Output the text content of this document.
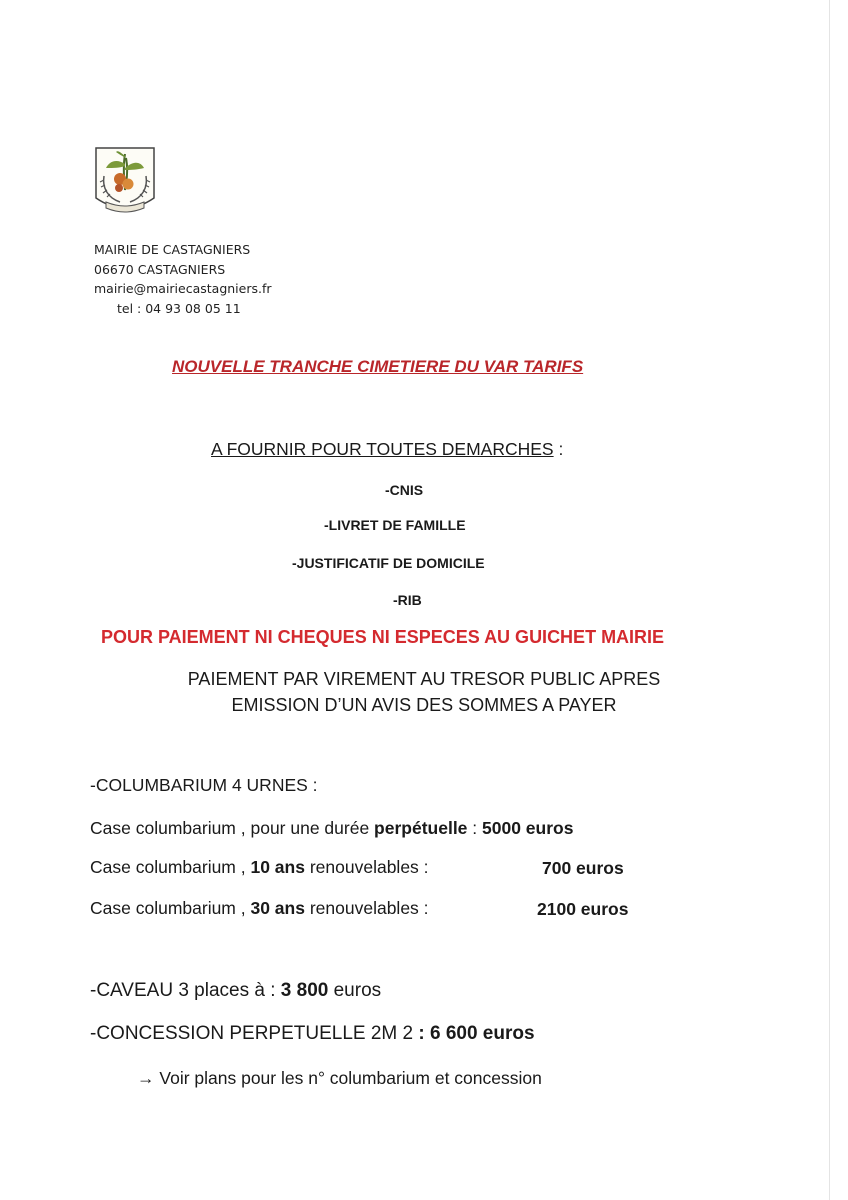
MAIRIE DE CASTAGNIERS
06670 CASTAGNIERS
mairie@mairiecastagniers.fr
tel : 04 93 08 05 11
NOUVELLE TRANCHE CIMETIERE DU VAR TARIFS
A FOURNIR POUR TOUTES DEMARCHES :
-CNIS
-LIVRET DE FAMILLE
-JUSTIFICATIF DE DOMICILE
-RIB
POUR PAIEMENT NI CHEQUES NI ESPECES AU GUICHET MAIRIE
PAIEMENT PAR VIREMENT AU TRESOR PUBLIC APRES
EMISSION D’UN AVIS DES SOMMES A PAYER
-COLUMBARIUM 4 URNES :
Case columbarium , pour une durée perpétuelle : 5000 euros
Case columbarium , 10 ans renouvelables :	700 euros
Case columbarium , 30 ans renouvelables :	2100 euros
-CAVEAU 3 places à : 3 800 euros
-CONCESSION PERPETUELLE 2M 2 : 6 600 euros
→ Voir plans pour les n° columbarium et concession
